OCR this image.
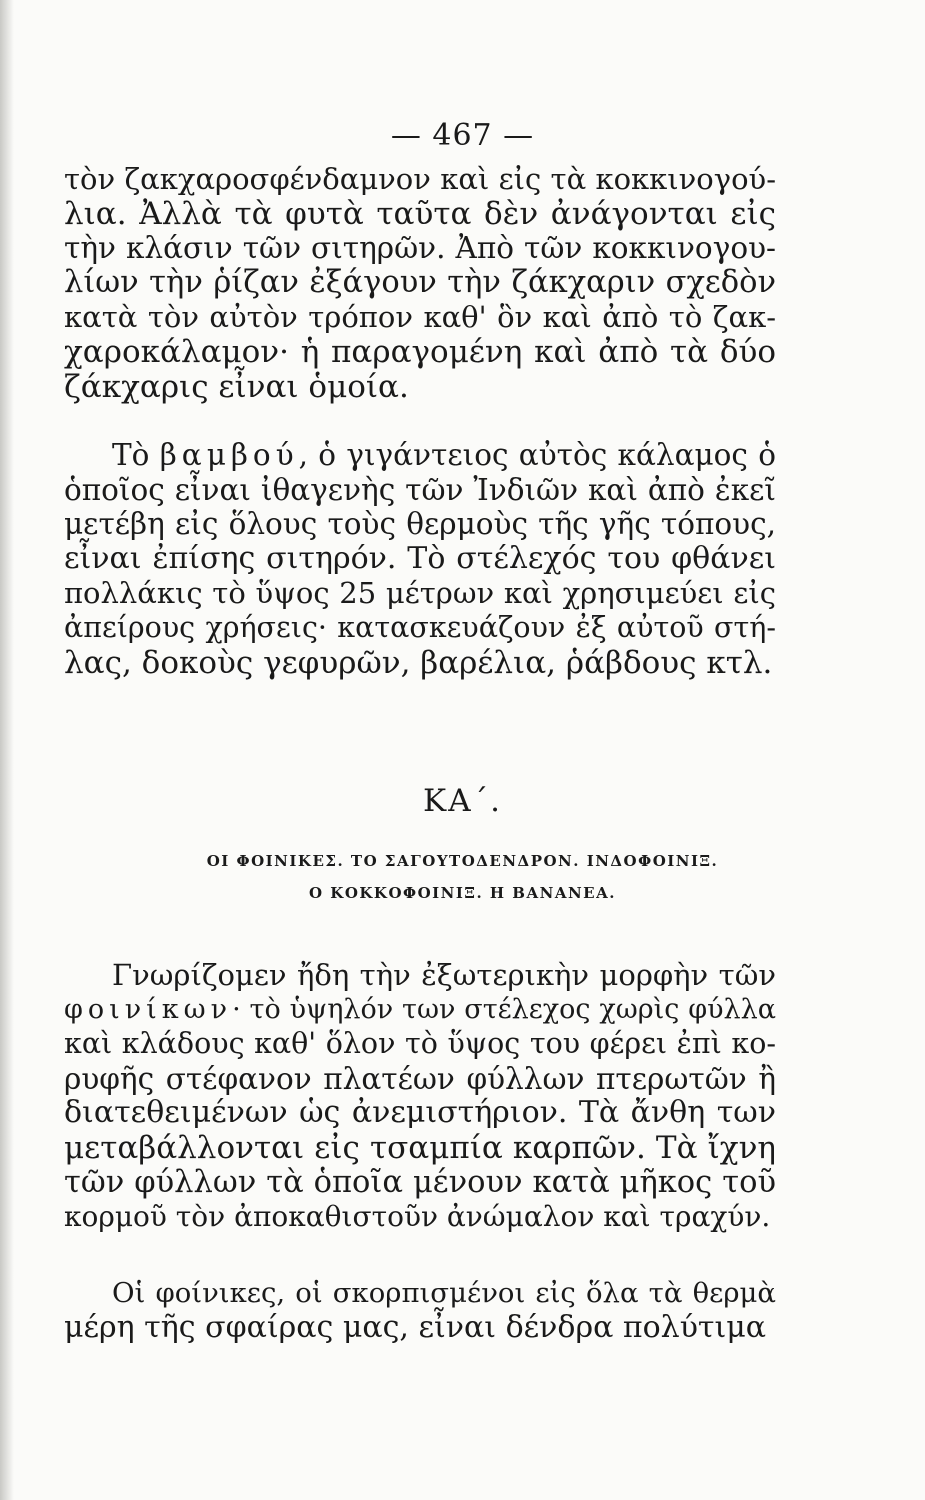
— 467 —
τὸν ζακχαροσφένδαμνον καὶ εἰς τὰ κοκκινογού-
λια. Ἀλλὰ τὰ φυτὰ ταῦτα δὲν ἀνάγονται εἰς
τὴν κλάσιν τῶν σιτηρῶν. Ἀπὸ τῶν κοκκινογου-
λίων τὴν ῥίζαν ἐξάγουν τὴν ζάκχαριν σχεδὸν
κατὰ τὸν αὐτὸν τρόπον καθ' ὃν καὶ ἀπὸ τὸ ζακ-
χαροκάλαμον· ἡ παραγομένη καὶ ἀπὸ τὰ δύο
ζάκχαρις εἶναι ὁμοία.
Τὸ βαμβού, ὁ γιγάντειος αὐτὸς κάλαμος ὁ
ὁποῖος εἶναι ἰθαγενὴς τῶν Ἰνδιῶν καὶ ἀπὸ ἐκεῖ
μετέβη εἰς ὅλους τοὺς θερμοὺς τῆς γῆς τόπους,
εἶναι ἐπίσης σιτηρόν. Τὸ στέλεχός του φθάνει
πολλάκις τὸ ὕψος 25 μέτρων καὶ χρησιμεύει εἰς
ἀπείρους χρήσεις· κατασκευάζουν ἐξ αὐτοῦ στή-
λας, δοκοὺς γεφυρῶν, βαρέλια, ῥάβδους κτλ.
ΚΑ΄.
ΟΙ ΦΟΙΝΙΚΕΣ. ΤΟ ΣΑΓΟΥΤΟΔΕΝΔΡΟΝ. ΙΝΔΟΦΟΙΝΙΞ.
Ο ΚΟΚΚΟΦΟΙΝΙΞ. Η ΒΑΝΑΝΕΑ.
Γνωρίζομεν ἤδη τὴν ἐξωτερικὴν μορφὴν τῶν
φοινίκων· τὸ ὑψηλόν των στέλεχος χωρὶς φύλλα
καὶ κλάδους καθ' ὅλον τὸ ὕψος του φέρει ἐπὶ κο-
ρυφῆς στέφανον πλατέων φύλλων πτερωτῶν ἢ
διατεθειμένων ὡς ἀνεμιστήριον. Τὰ ἄνθη των
μεταβάλλονται εἰς τσαμπία καρπῶν. Τὰ ἴχνη
τῶν φύλλων τὰ ὁποῖα μένουν κατὰ μῆκος τοῦ
κορμοῦ τὸν ἀποκαθιστοῦν ἀνώμαλον καὶ τραχύν.
Οἱ φοίνικες, οἱ σκορπισμένοι εἰς ὅλα τὰ θερμὰ
μέρη τῆς σφαίρας μας, εἶναι δένδρα πολύτιμα
